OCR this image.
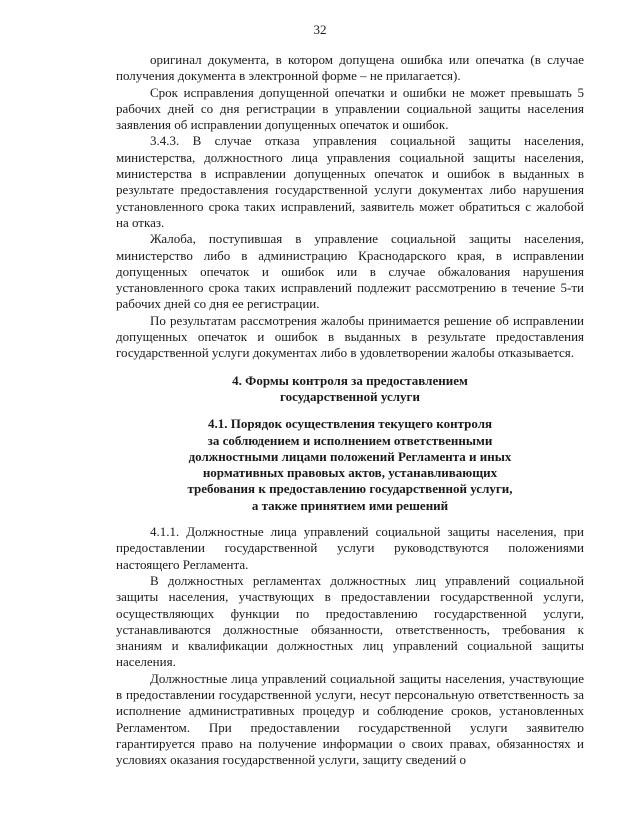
32

оригинал документа, в котором допущена ошибка или опечатка (в случае получения документа в электронной форме – не прилагается).

Срок исправления допущенной опечатки и ошибки не может превышать 5 рабочих дней со дня регистрации в управлении социальной защиты населения заявления об исправлении допущенных опечаток и ошибок.

3.4.3. В случае отказа управления социальной защиты населения, министерства, должностного лица управления социальной защиты населения, министерства в исправлении допущенных опечаток и ошибок в выданных в результате предоставления государственной услуги документах либо нарушения установленного срока таких исправлений, заявитель может обратиться с жалобой на отказ.

Жалоба, поступившая в управление социальной защиты населения, министерство либо в администрацию Краснодарского края, в исправлении допущенных опечаток и ошибок или в случае обжалования нарушения установленного срока таких исправлений подлежит рассмотрению в течение 5-ти рабочих дней со дня ее регистрации.

По результатам рассмотрения жалобы принимается решение об исправлении допущенных опечаток и ошибок в выданных в результате предоставления государственной услуги документах либо в удовлетворении жалобы отказывается.

4. Формы контроля за предоставлением
государственной услуги
4.1. Порядок осуществления текущего контроля
за соблюдением и исполнением ответственными
должностными лицами положений Регламента и иных
нормативных правовых актов, устанавливающих
требования к предоставлению государственной услуги,
а также принятием ими решений

4.1.1. Должностные лица управлений социальной защиты населения, при предоставлении государственной услуги руководствуются положениями настоящего Регламента.

В должностных регламентах должностных лиц управлений социальной защиты населения, участвующих в предоставлении государственной услуги, осуществляющих функции по предоставлению государственной услуги, устанавливаются должностные обязанности, ответственность, требования к знаниям и квалификации должностных лиц управлений социальной защиты населения.

Должностные лица управлений социальной защиты населения, участвующие в предоставлении государственной услуги, несут персональную ответственность за исполнение административных процедур и соблюдение сроков, установленных Регламентом. При предоставлении государственной услуги заявителю гарантируется право на получение информации о своих правах, обязанностях и условиях оказания государственной услуги, защиту сведений о
